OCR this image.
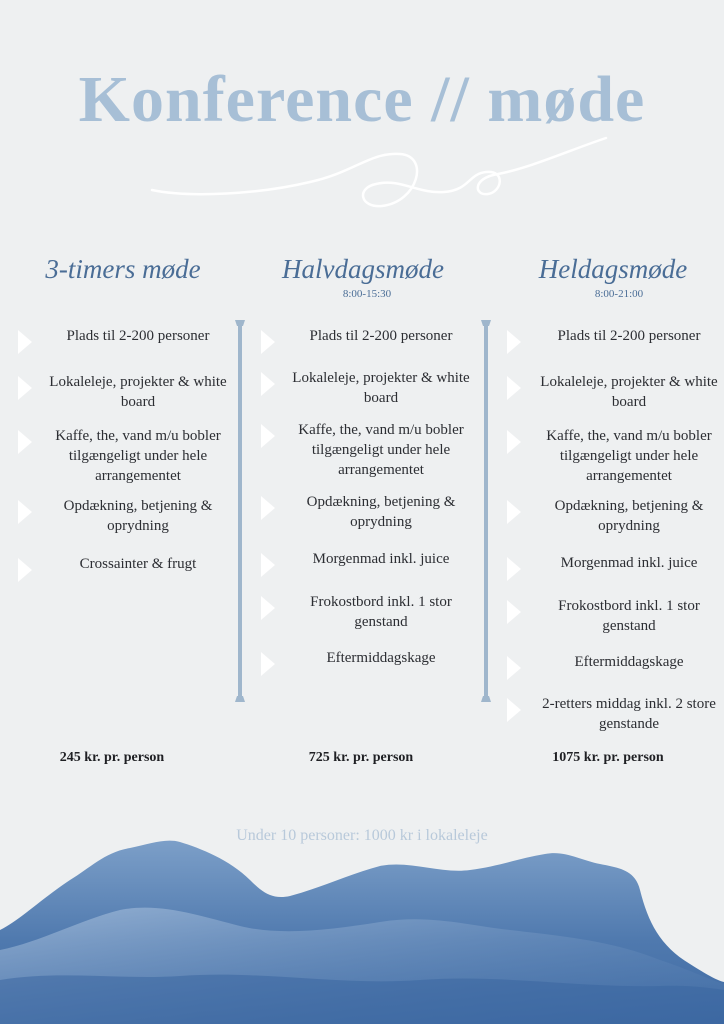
Konference // møde
3-timers møde
Plads til 2-200 personer
Lokaleleje, projekter & white board
Kaffe, the, vand m/u bobler tilgængeligt under hele arrangementet
Opdækning, betjening & oprydning
Crossainter & frugt
Halvdagsmøde
8:00-15:30
Plads til 2-200 personer
Lokaleleje, projekter & white board
Kaffe, the, vand m/u bobler tilgængeligt under hele arrangementet
Opdækning, betjening & oprydning
Morgenmad inkl. juice
Frokostbord inkl. 1 stor genstand
Eftermiddagskage
Heldagsmøde
8:00-21:00
Plads til 2-200 personer
Lokaleleje, projekter & white board
Kaffe, the, vand m/u bobler tilgængeligt under hele arrangementet
Opdækning, betjening & oprydning
Morgenmad inkl. juice
Frokostbord inkl. 1 stor genstand
Eftermiddagskage
2-retters middag inkl. 2 store genstande
245 kr. pr. person	725 kr. pr. person	1075 kr. pr. person
Under 10 personer: 1000 kr i lokaleleje
